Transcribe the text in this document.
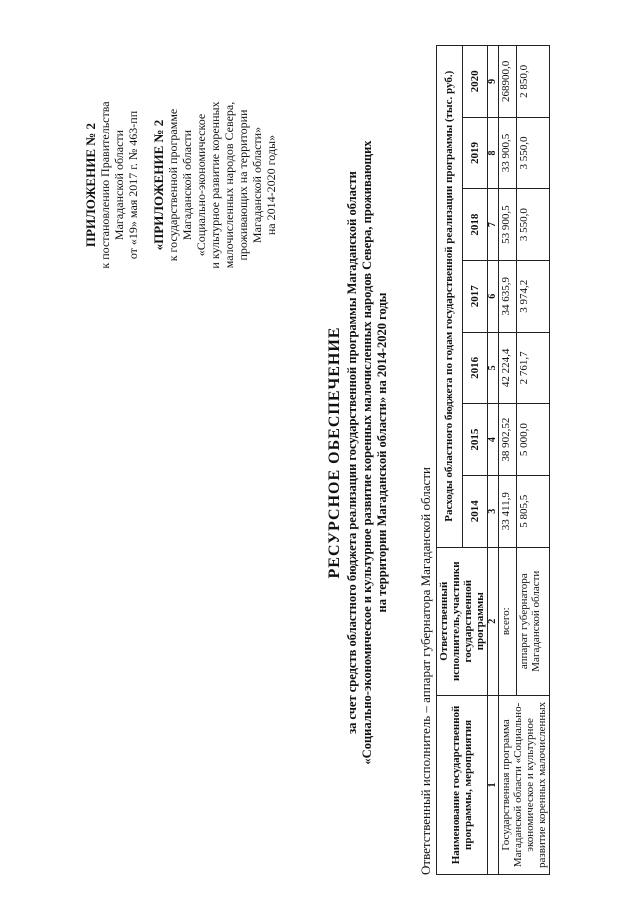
ПРИЛОЖЕНИЕ № 2 к постановлению Правительства Магаданской области от «19» мая 2017 г. № 463-пп «ПРИЛОЖЕНИЕ № 2 к государственной программе Магаданской области «Социально-экономическое и культурное развитие коренных малочисленных народов Севера, проживающих на территории Магаданской области» на 2014-2020 годы»
РЕСУРСНОЕ ОБЕСПЕЧЕНИЕ за счет средств областного бюджета реализации государственной программы Магаданской области «Социально-экономическое и культурное развитие коренных малочисленных народов Севера, проживающих на территории Магаданской области» на 2014-2020 годы
Ответственный исполнитель – аппарат губернатора Магаданской области Наименование государственной программы, мероприятия	Ответственный исполнитель,участники государственной программы	Расходы областного бюджета по годам государственной реализации программы (тыс. руб.)						
		2014	2015	2016	2017	2018	2019	2020
1	2	3	4	5	6	7	8	9
Государственная программа Магаданской области «Социально-экономическое и культурное развитие коренных малочисленных	всего:	33 411,9	38 902,52	42 224,4	34 635,9	53 900,5	33 900,5	268900,0
	аппарат губернатора Магаданской области	5 805,5	5 000,0	2 761,7	3 974,2	3 550,0	3 550,0	2 850,0
